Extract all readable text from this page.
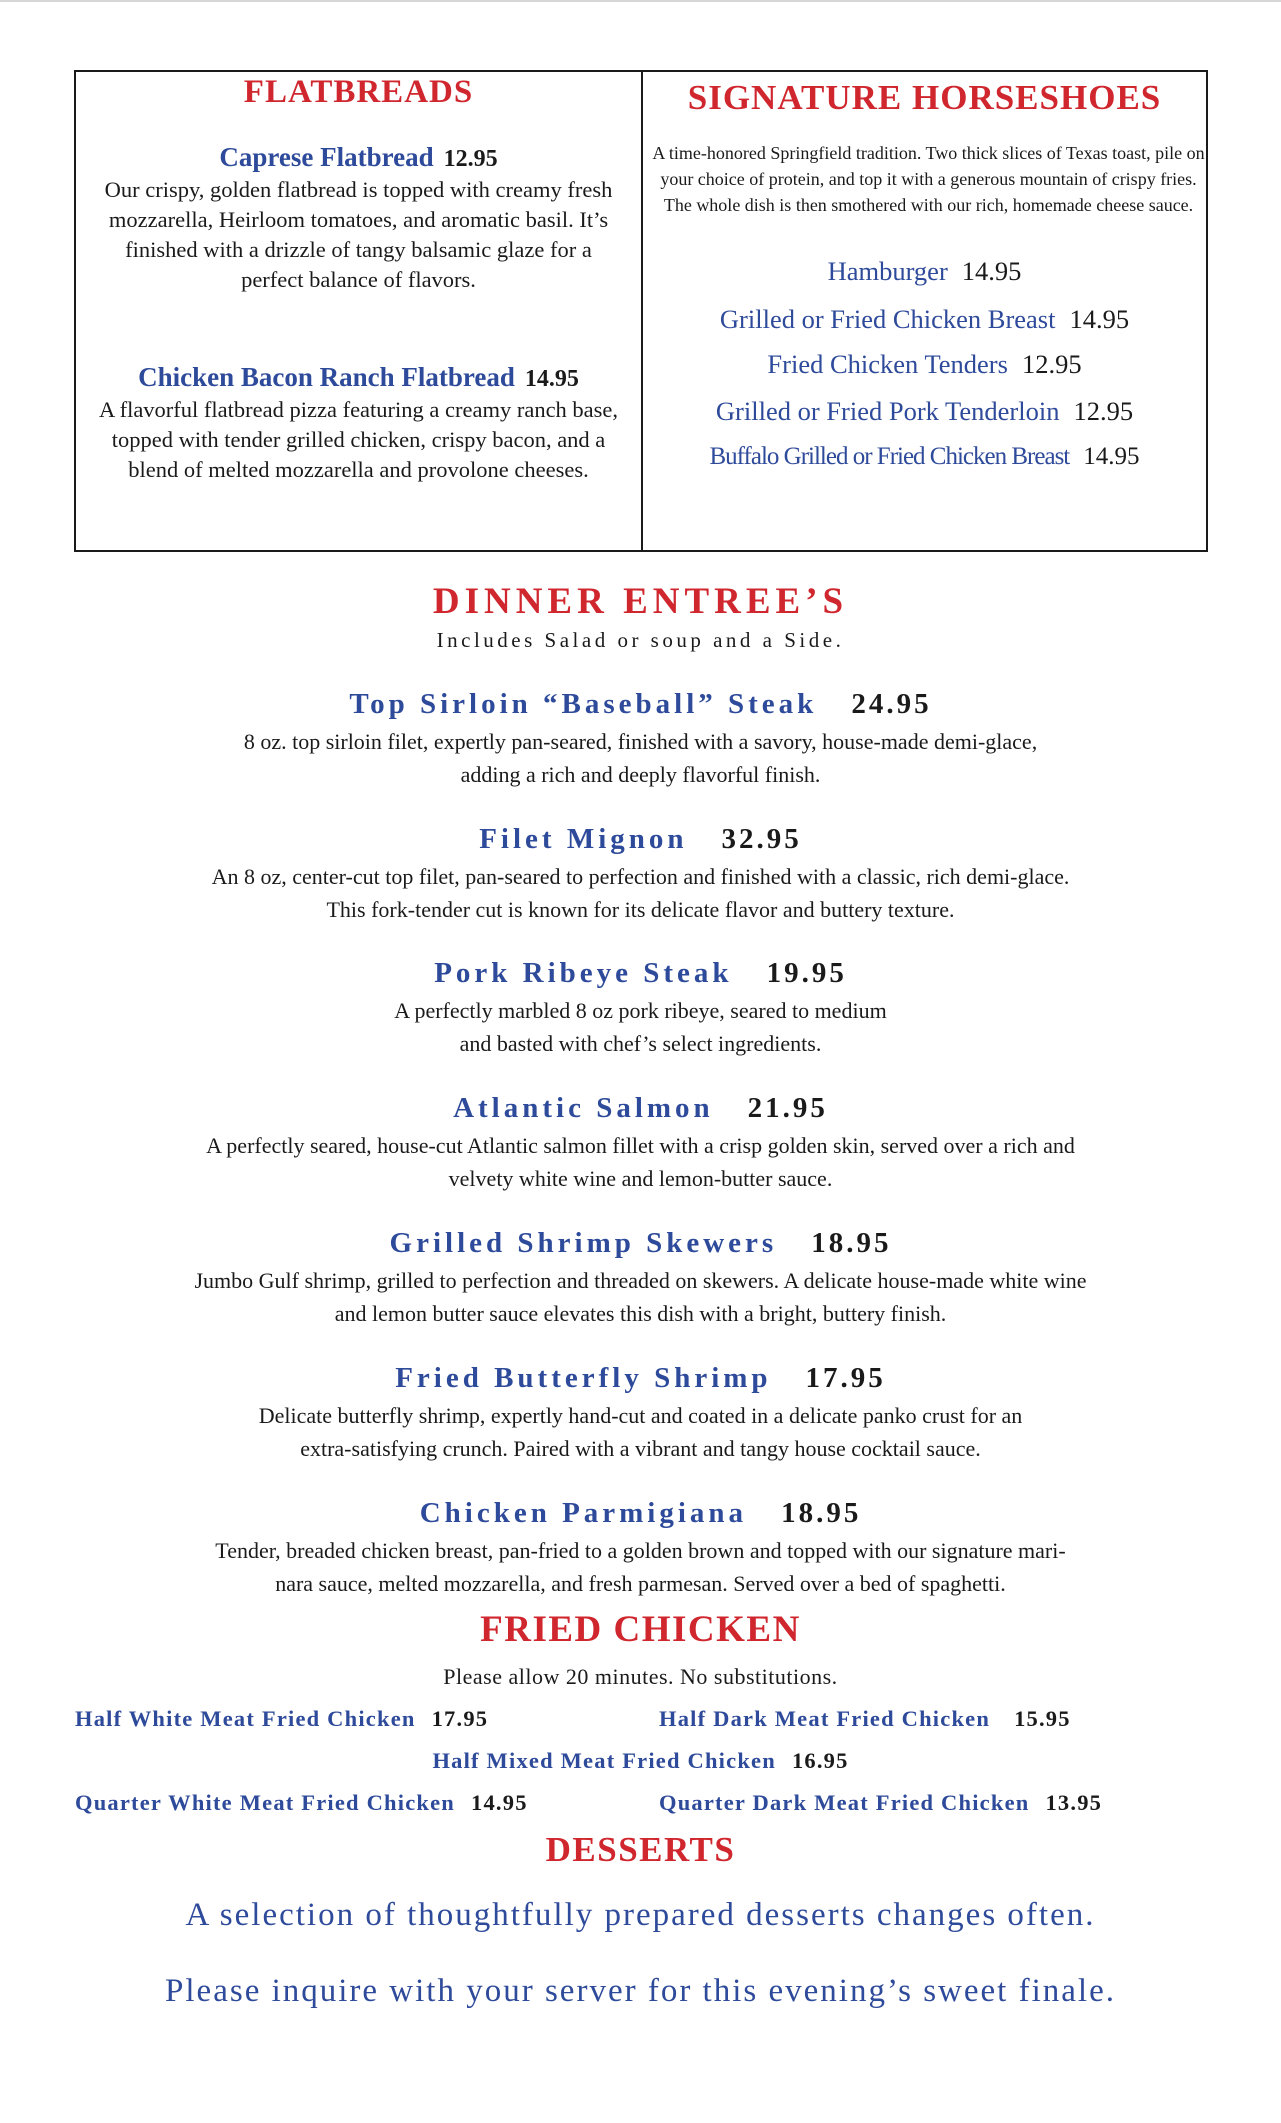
FLATBREADS
Caprese Flatbread 12.95
Our crispy, golden flatbread is topped with creamy fresh mozzarella, Heirloom tomatoes, and aromatic basil. It’s finished with a drizzle of tangy balsamic glaze for a perfect balance of flavors.
Chicken Bacon Ranch Flatbread 14.95
A flavorful flatbread pizza featuring a creamy ranch base, topped with tender grilled chicken, crispy bacon, and a blend of melted mozzarella and provolone cheeses.
SIGNATURE HORSESHOES
A time-honored Springfield tradition. Two thick slices of Texas toast, pile on your choice of protein, and top it with a generous mountain of crispy fries. The whole dish is then smothered with our rich, homemade cheese sauce.
Hamburger 14.95
Grilled or Fried Chicken Breast 14.95
Fried Chicken Tenders 12.95
Grilled or Fried Pork Tenderloin 12.95
Buffalo Grilled or Fried Chicken Breast 14.95
DINNER ENTREE’S
Includes Salad or soup and a Side.
Top Sirloin “Baseball” Steak 24.95
8 oz. top sirloin filet, expertly pan-seared, finished with a savory, house-made demi-glace,
adding a rich and deeply flavorful finish.
Filet Mignon 32.95
An 8 oz, center-cut top filet, pan-seared to perfection and finished with a classic, rich demi-glace.
This fork-tender cut is known for its delicate flavor and buttery texture.
Pork Ribeye Steak 19.95
A perfectly marbled 8 oz pork ribeye, seared to medium
and basted with chef’s select ingredients.
Atlantic Salmon 21.95
A perfectly seared, house-cut Atlantic salmon fillet with a crisp golden skin, served over a rich and
velvety white wine and lemon-butter sauce.
Grilled Shrimp Skewers 18.95
Jumbo Gulf shrimp, grilled to perfection and threaded on skewers. A delicate house-made white wine
and lemon butter sauce elevates this dish with a bright, buttery finish.
Fried Butterfly Shrimp 17.95
Delicate butterfly shrimp, expertly hand-cut and coated in a delicate panko crust for an
extra-satisfying crunch. Paired with a vibrant and tangy house cocktail sauce.
Chicken Parmigiana 18.95
Tender, breaded chicken breast, pan-fried to a golden brown and topped with our signature mari-
nara sauce, melted mozzarella, and fresh parmesan. Served over a bed of spaghetti.
FRIED CHICKEN
Please allow 20 minutes. No substitutions.
Half White Meat Fried Chicken 17.95	Half Dark Meat Fried Chicken 15.95
Half Mixed Meat Fried Chicken 16.95
Quarter White Meat Fried Chicken 14.95	Quarter Dark Meat Fried Chicken 13.95
DESSERTS
A selection of thoughtfully prepared desserts changes often.
Please inquire with your server for this evening’s sweet finale.
